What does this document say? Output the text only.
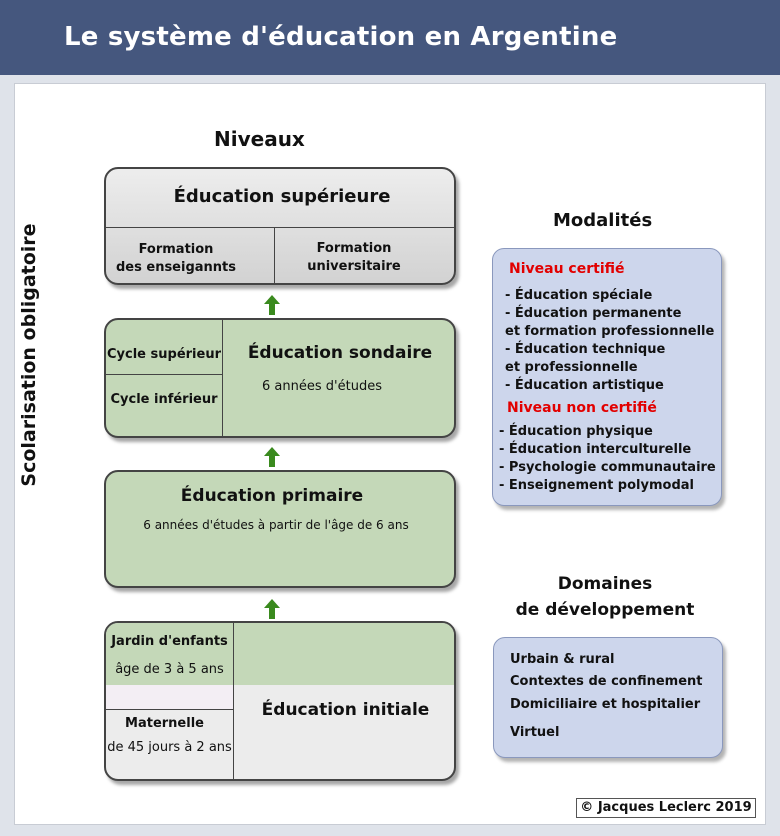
Le système d'éducation en Argentine
Scolarisation obligatoire
Niveaux
Éducation supérieure
Formation
des enseigannts
Formation
universitaire
Cycle supérieur
Cycle inférieur
Éducation sondaire
6 années d'études
Éducation primaire
6 années d'études à partir de l'âge de 6 ans
Jardin d'enfants
âge de 3 à 5 ans
Maternelle
de 45 jours à 2 ans
Éducation initiale
Modalités
Niveau certifié
- Éducation spéciale
- Éducation permanente
et formation professionnelle
- Éducation technique
et professionnelle
- Éducation artistique
Niveau non certifié
- Éducation physique
- Éducation interculturelle
- Psychologie communautaire
- Enseignement polymodal
Domaines
de développement
Urbain & rural
Contextes de confinement
Domiciliaire et hospitalier
Virtuel
© Jacques Leclerc 2019
